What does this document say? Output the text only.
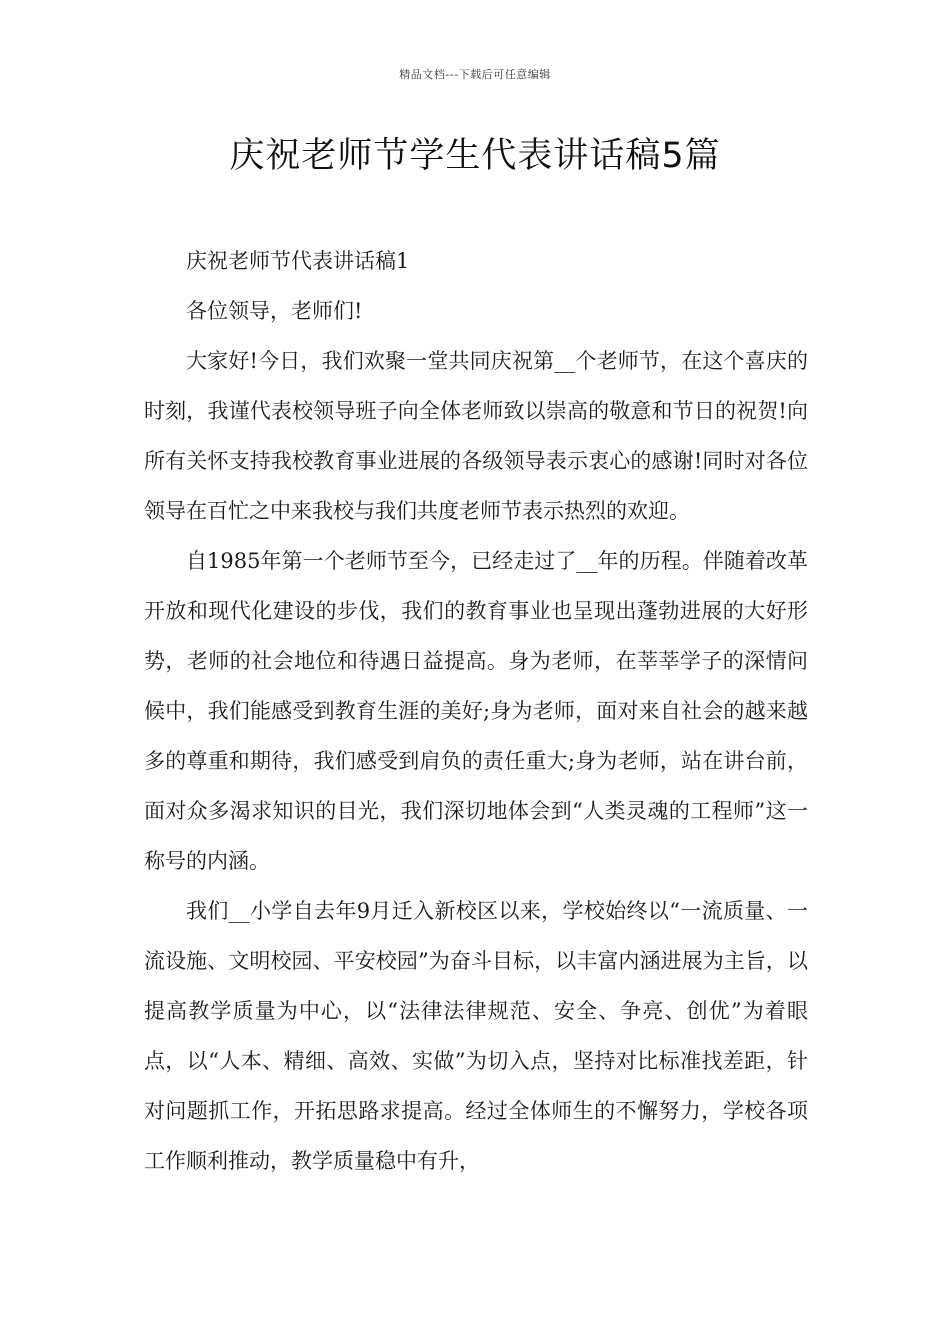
精品文档---下载后可任意编辑
庆祝老师节学生代表讲话稿5篇

庆祝老师节代表讲话稿1

各位领导，老师们!

大家好!今日，我们欢聚一堂共同庆祝第__个老师节，在这个喜庆的时刻，我谨代表校领导班子向全体老师致以崇高的敬意和节日的祝贺!向所有关怀支持我校教育事业进展的各级领导表示衷心的感谢!同时对各位领导在百忙之中来我校与我们共度老师节表示热烈的欢迎。

自1985年第一个老师节至今，已经走过了__年的历程。伴随着改革开放和现代化建设的步伐，我们的教育事业也呈现出蓬勃进展的大好形势，老师的社会地位和待遇日益提高。身为老师，在莘莘学子的深情问候中，我们能感受到教育生涯的美好;身为老师，面对来自社会的越来越多的尊重和期待，我们感受到肩负的责任重大;身为老师，站在讲台前，面对众多渴求知识的目光，我们深切地体会到“人类灵魂的工程师”这一称号的内涵。

我们__小学自去年9月迁入新校区以来，学校始终以“一流质量、一流设施、文明校园、平安校园”为奋斗目标，以丰富内涵进展为主旨，以提高教学质量为中心，以“法律法律规范、安全、争亮、创优”为着眼点，以“人本、精细、高效、实做”为切入点，坚持对比标准找差距，针对问题抓工作，开拓思路求提高。经过全体师生的不懈努力，学校各项工作顺利推动，教学质量稳中有升，
